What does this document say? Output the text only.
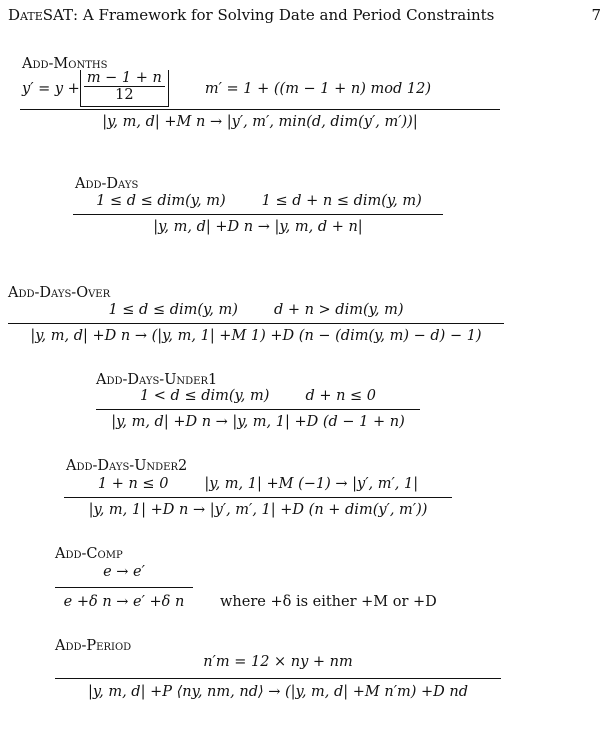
DateSAT: A Framework for Solving Date and Period Constraints	7
Add-Months
$y' = y + \frac{m - 1 + n}{12}$	m′ = 1 + ((m − 1 + n) mod 12)
|y, m, d| +M n → |y′, m′, min(d, dim(y′, m′))|
Add-Days
1 ≤ d ≤ dim(y, m) 1 ≤ d + n ≤ dim(y, m)
|y, m, d| +D n → |y, m, d + n|
Add-Days-Over
1 ≤ d ≤ dim(y, m) d + n > dim(y, m)
|y, m, d| +D n → (|y, m, 1| +M 1) +D (n − (dim(y, m) − d) − 1)
Add-Days-Under1
1 < d ≤ dim(y, m) d + n ≤ 0
|y, m, d| +D n → |y, m, 1| +D (d − 1 + n)
Add-Days-Under2
1 + n ≤ 0 |y, m, 1| +M (−1) → |y′, m′, 1|
|y, m, 1| +D n → |y′, m′, 1| +D (n + dim(y′, m′))
Add-Comp
e → e′
e +δ n → e′ +δ n	where +δ is either +M or +D
Add-Period
n′m = 12 × ny + nm
|y, m, d| +P ⟨ny, nm, nd⟩ → (|y, m, d| +M n′m) +D nd
